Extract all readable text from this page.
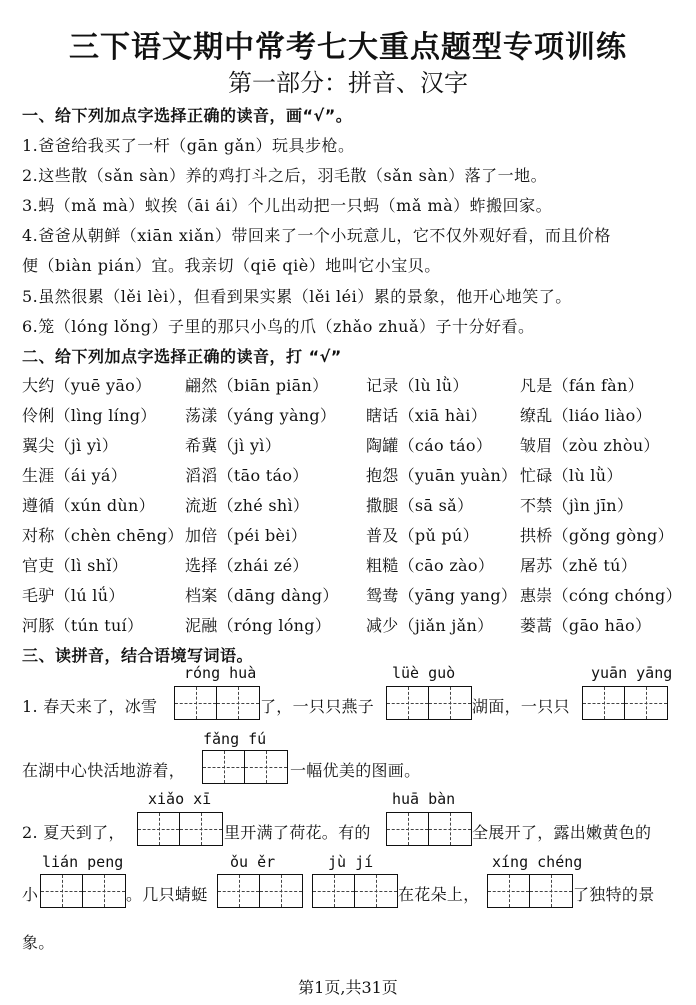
三下语文期中常考七大重点题型专项训练
第一部分：拼音、汉字
一、给下列加点字选择正确的读音，画“√”。
1.爸爸给我买了一杆（gān gǎn）玩具步枪。
2.这些散（sǎn sàn）养的鸡打斗之后，羽毛散（sǎn sàn）落了一地。
3.蚂（mǎ mà）蚁挨（āi ái）个儿出动把一只蚂（mǎ mà）蚱搬回家。
4.爸爸从朝鲜（xiān xiǎn）带回来了一个小玩意儿，它不仅外观好看，而且价格
便（biàn pián）宜。我亲切（qiē qiè）地叫它小宝贝。
5.虽然很累（lěi lèi），但看到果实累（lěi léi）累的景象，他开心地笑了。
6.笼（lóng lǒng）子里的那只小鸟的爪（zhǎo zhuǎ）子十分好看。
二、给下列加点字选择正确的读音，打 “√”
大约（yuē yāo） 翩然（biān piān） 记录（lù lǜ）	凡是（fán fàn）
伶俐（lìng líng） 荡漾（yáng yàng） 瞎话（xiā hài） 缭乱（liáo liào）
翼尖（jì yì）	希冀（jì yì）	陶罐（cáo táo） 皱眉（zòu zhòu）
生涯（ái yá）	滔滔（tāo táo）	抱怨（yuān yuàn） 忙碌（lù lǜ）
遵循（xún dùn） 流逝（zhé shì）	撒腿（sā sǎ）	不禁（jìn jīn）
对称（chèn chēng） 加倍（péi bèi）	普及（pǔ pú）	拱桥（gǒng gòng）
官吏（lì shǐ）	选择（zhái zé）	粗糙（cāo zào） 屠苏（zhě tú）
毛驴（lú lǘ）	档案（dāng dàng） 鸳鸯（yāng yang） 惠崇（cóng chóng）
河豚（tún tuí）	泥融（róng lóng） 减少（jiǎn jǎn） 蒌蒿（gāo hāo）
三、读拼音，结合语境写词语。
róng huà	lüè guò	yuān yāng
1. 春天来了，冰雪	了，一只只燕子	湖面，一只只
fǎng fú
在湖中心快活地游着，	一幅优美的图画。
xiǎo xī	huā bàn
2. 夏天到了，	里开满了荷花。有的	全展开了，露出嫩黄色的
lián peng	ǒu ěr	jù jí	xíng chéng
小	。几只蜻蜓	在花朵上，	了独特的景
象。
第1页,共31页
